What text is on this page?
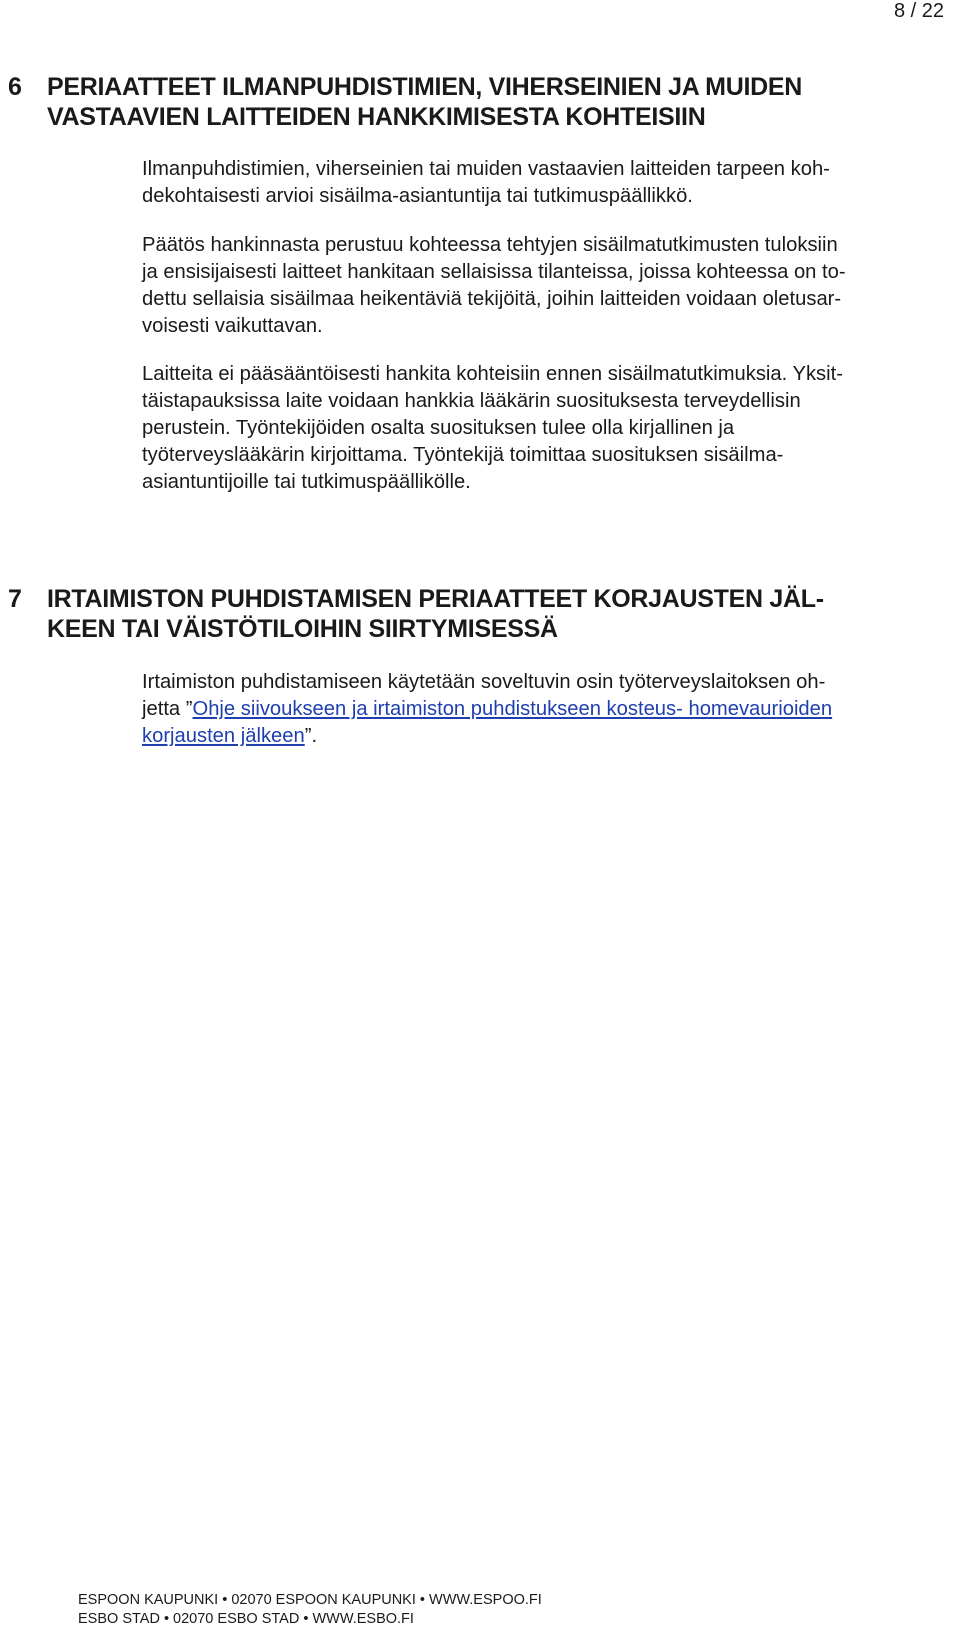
8 / 22
6 PERIAATTEET ILMANPUHDISTIMIEN, VIHERSEINIEN JA MUIDEN
VASTAAVIEN LAITTEIDEN HANKKIMISESTA KOHTEISIIN

Ilmanpuhdistimien, viherseinien tai muiden vastaavien laitteiden tarpeen koh-
dekohtaisesti arvioi sisäilma-asiantuntija tai tutkimuspäällikkö.

Päätös hankinnasta perustuu kohteessa tehtyjen sisäilmatutkimusten tuloksiin
ja ensisijaisesti laitteet hankitaan sellaisissa tilanteissa, joissa kohteessa on to-
dettu sellaisia sisäilmaa heikentäviä tekijöitä, joihin laitteiden voidaan oletusar-
voisesti vaikuttavan.

Laitteita ei pääsääntöisesti hankita kohteisiin ennen sisäilmatutkimuksia. Yksit-
täistapauksissa laite voidaan hankkia lääkärin suosituksesta terveydellisin
perustein. Työntekijöiden osalta suosituksen tulee olla kirjallinen ja
työterveyslääkärin kirjoittama. Työntekijä toimittaa suosituksen sisäilma-
asiantuntijoille tai tutkimuspäällikölle.

7 IRTAIMISTON PUHDISTAMISEN PERIAATTEET KORJAUSTEN JÄL-
KEEN TAI VÄISTÖTILOIHIN SIIRTYMISESSÄ

Irtaimiston puhdistamiseen käytetään soveltuvin osin työterveyslaitoksen oh-
jetta ”Ohje siivoukseen ja irtaimiston puhdistukseen kosteus- homevaurioiden
korjausten jälkeen”.

ESPOON KAUPUNKI • 02070 ESPOON KAUPUNKI • WWW.ESPOO.FI
ESBO STAD • 02070 ESBO STAD • WWW.ESBO.FI
